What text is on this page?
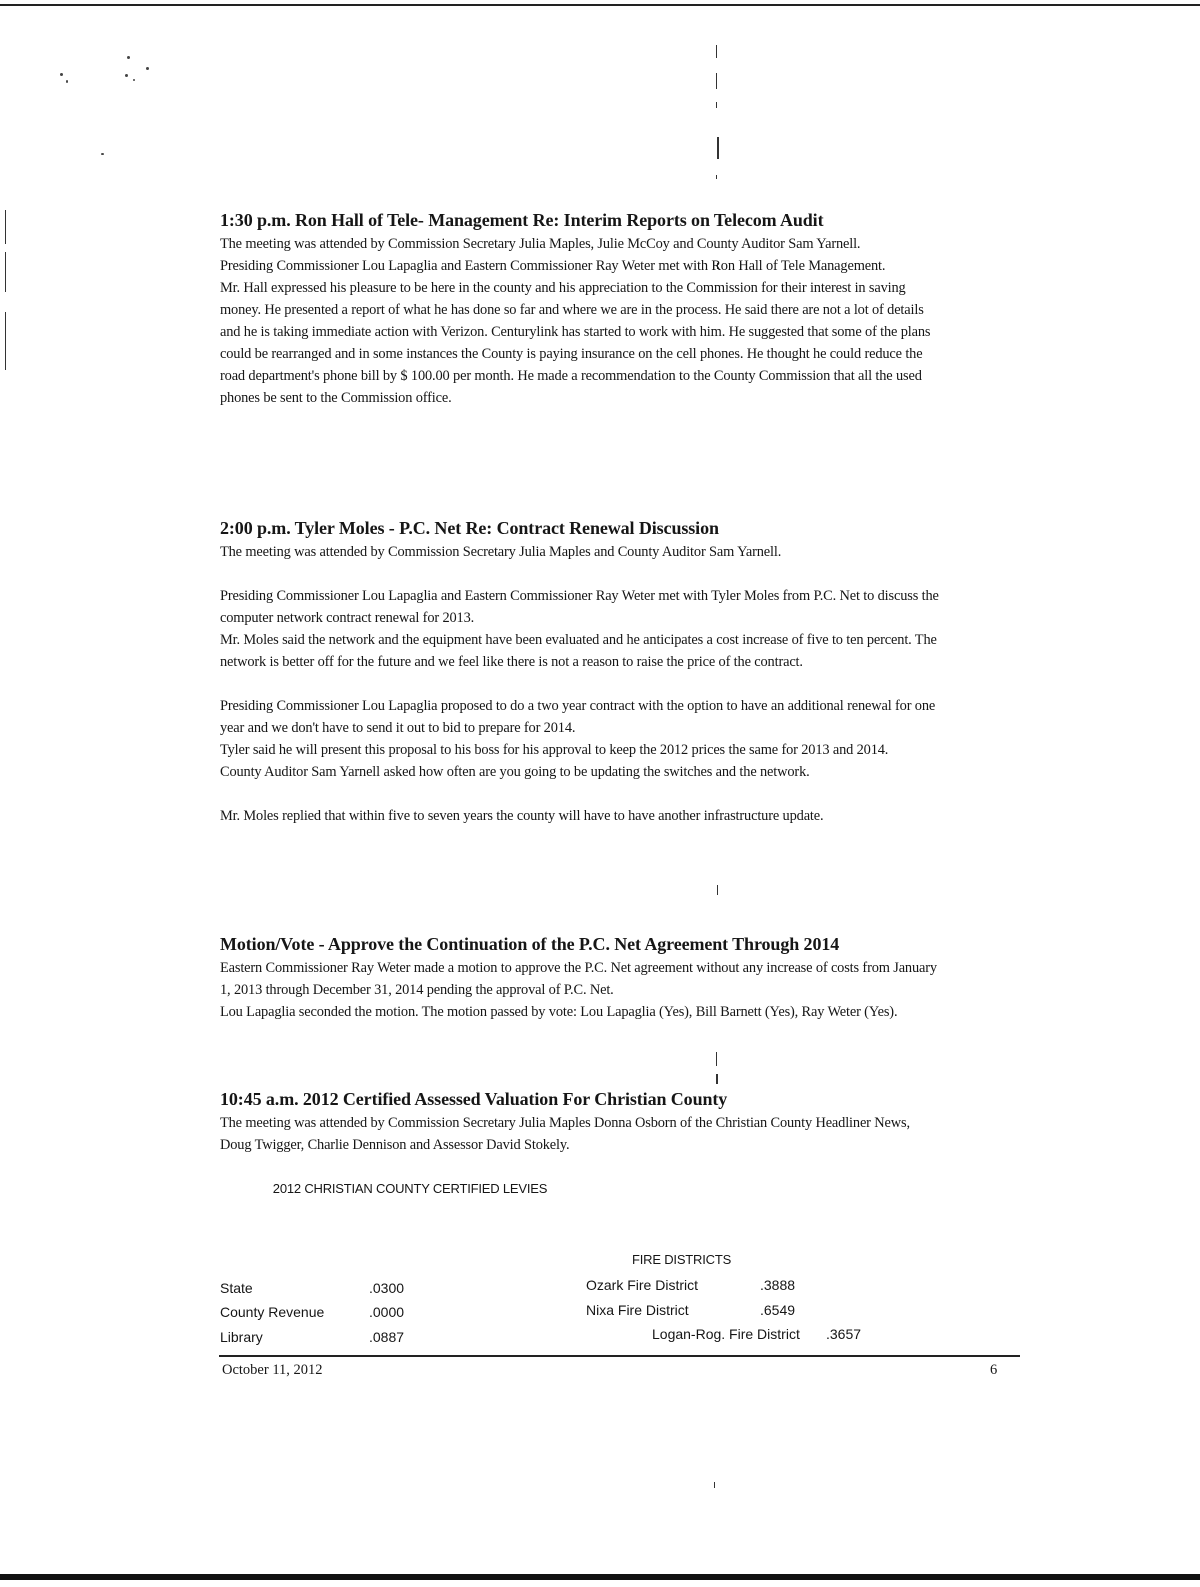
1:30 p.m. Ron Hall of Tele- Management Re: Interim Reports on Telecom Audit

The meeting was attended by Commission Secretary Julia Maples, Julie McCoy and County Auditor Sam Yarnell.

Presiding Commissioner Lou Lapaglia and Eastern Commissioner Ray Weter met with Ron Hall of Tele Management.

Mr. Hall expressed his pleasure to be here in the county and his appreciation to the Commission for their interest in saving money. He presented a report of what he has done so far and where we are in the process. He said there are not a lot of details and he is taking immediate action with Verizon. Centurylink has started to work with him. He suggested that some of the plans could be rearranged and in some instances the County is paying insurance on the cell phones. He thought he could reduce the road department's phone bill by $ 100.00 per month. He made a recommendation to the County Commission that all the used phones be sent to the Commission office.

2:00 p.m. Tyler Moles - P.C. Net Re: Contract Renewal Discussion

The meeting was attended by Commission Secretary Julia Maples and County Auditor Sam Yarnell.

Presiding Commissioner Lou Lapaglia and Eastern Commissioner Ray Weter met with Tyler Moles from P.C. Net to discuss the computer network contract renewal for 2013.

Mr. Moles said the network and the equipment have been evaluated and he anticipates a cost increase of five to ten percent. The network is better off for the future and we feel like there is not a reason to raise the price of the contract.

Presiding Commissioner Lou Lapaglia proposed to do a two year contract with the option to have an additional renewal for one year and we don't have to send it out to bid to prepare for 2014.

Tyler said he will present this proposal to his boss for his approval to keep the 2012 prices the same for 2013 and 2014.

County Auditor Sam Yarnell asked how often are you going to be updating the switches and the network.

Mr. Moles replied that within five to seven years the county will have to have another infrastructure update.

Motion/Vote - Approve the Continuation of the P.C. Net Agreement Through 2014

Eastern Commissioner Ray Weter made a motion to approve the P.C. Net agreement without any increase of costs from January 1, 2013 through December 31, 2014 pending the approval of P.C. Net.

Lou Lapaglia seconded the motion. The motion passed by vote: Lou Lapaglia (Yes), Bill Barnett (Yes), Ray Weter (Yes).

10:45 a.m. 2012 Certified Assessed Valuation For Christian County

The meeting was attended by Commission Secretary Julia Maples Donna Osborn of the Christian County Headliner News, Doug Twigger, Charlie Dennison and Assessor David Stokely.

2012 CHRISTIAN COUNTY CERTIFIED LEVIES
FIRE DISTRICTS
State	.0300
County Revenue	.0000
Library	.0887
Ozark Fire District	.3888
Nixa Fire District	.6549
Logan-Rog. Fire District .3657
October 11, 2012	6
